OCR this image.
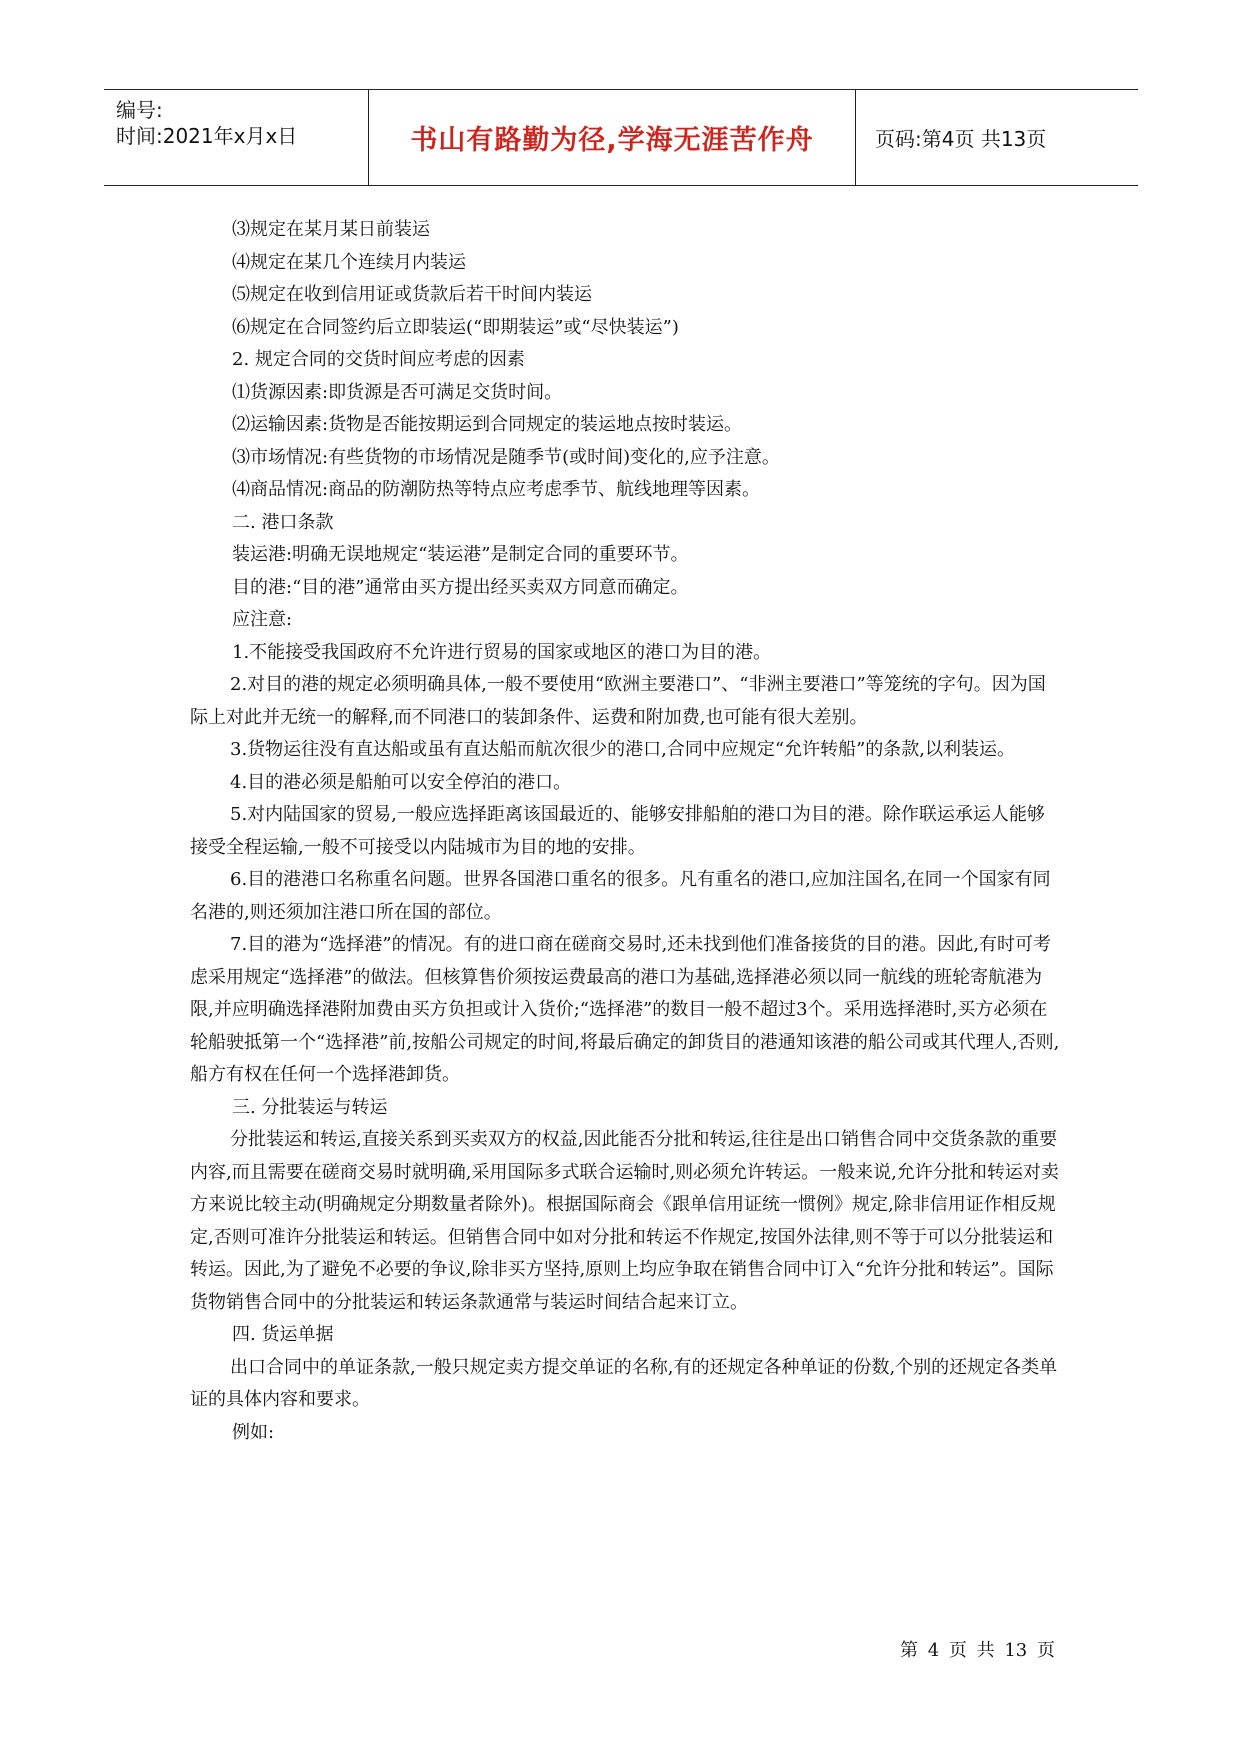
编号:
时间:2021年x月x日	书山有路勤为径,学海无涯苦作舟	页码:第4页 共13页

⑶规定在某月某日前装运

⑷规定在某几个连续月内装运

⑸规定在收到信用证或货款后若干时间内装运

⑹规定在合同签约后立即装运(“即期装运”或“尽快装运”)

2. 规定合同的交货时间应考虑的因素

⑴货源因素:即货源是否可满足交货时间。

⑵运输因素:货物是否能按期运到合同规定的装运地点按时装运。

⑶市场情况:有些货物的市场情况是随季节(或时间)变化的,应予注意。

⑷商品情况:商品的防潮防热等特点应考虑季节、航线地理等因素。

二. 港口条款

装运港:明确无误地规定“装运港”是制定合同的重要环节。

目的港:“目的港”通常由买方提出经买卖双方同意而确定。

应注意:

1.不能接受我国政府不允许进行贸易的国家或地区的港口为目的港。

2.对目的港的规定必须明确具体,一般不要使用“欧洲主要港口”、“非洲主要港口”等笼统的字句。因为国际上对此并无统一的解释,而不同港口的装卸条件、运费和附加费,也可能有很大差别。

3.货物运往没有直达船或虽有直达船而航次很少的港口,合同中应规定“允许转船”的条款,以利装运。

4.目的港必须是船舶可以安全停泊的港口。

5.对内陆国家的贸易,一般应选择距离该国最近的、能够安排船舶的港口为目的港。除作联运承运人能够接受全程运输,一般不可接受以内陆城市为目的地的安排。

6.目的港港口名称重名问题。世界各国港口重名的很多。凡有重名的港口,应加注国名,在同一个国家有同名港的,则还须加注港口所在国的部位。

7.目的港为“选择港”的情况。有的进口商在磋商交易时,还未找到他们准备接货的目的港。因此,有时可考虑采用规定“选择港”的做法。但核算售价须按运费最高的港口为基础,选择港必须以同一航线的班轮寄航港为限,并应明确选择港附加费由买方负担或计入货价;“选择港”的数目一般不超过3个。采用选择港时,买方必须在轮船驶抵第一个“选择港”前,按船公司规定的时间,将最后确定的卸货目的港通知该港的船公司或其代理人,否则,船方有权在任何一个选择港卸货。

三. 分批装运与转运

分批装运和转运,直接关系到买卖双方的权益,因此能否分批和转运,往往是出口销售合同中交货条款的重要内容,而且需要在磋商交易时就明确,采用国际多式联合运输时,则必须允许转运。一般来说,允许分批和转运对卖方来说比较主动(明确规定分期数量者除外)。根据国际商会《跟单信用证统一惯例》规定,除非信用证作相反规定,否则可准许分批装运和转运。但销售合同中如对分批和转运不作规定,按国外法律,则不等于可以分批装运和转运。因此,为了避免不必要的争议,除非买方坚持,原则上均应争取在销售合同中订入“允许分批和转运”。国际货物销售合同中的分批装运和转运条款通常与装运时间结合起来订立。

四. 货运单据

出口合同中的单证条款,一般只规定卖方提交单证的名称,有的还规定各种单证的份数,个别的还规定各类单证的具体内容和要求。

例如:

第 4 页 共 13 页
